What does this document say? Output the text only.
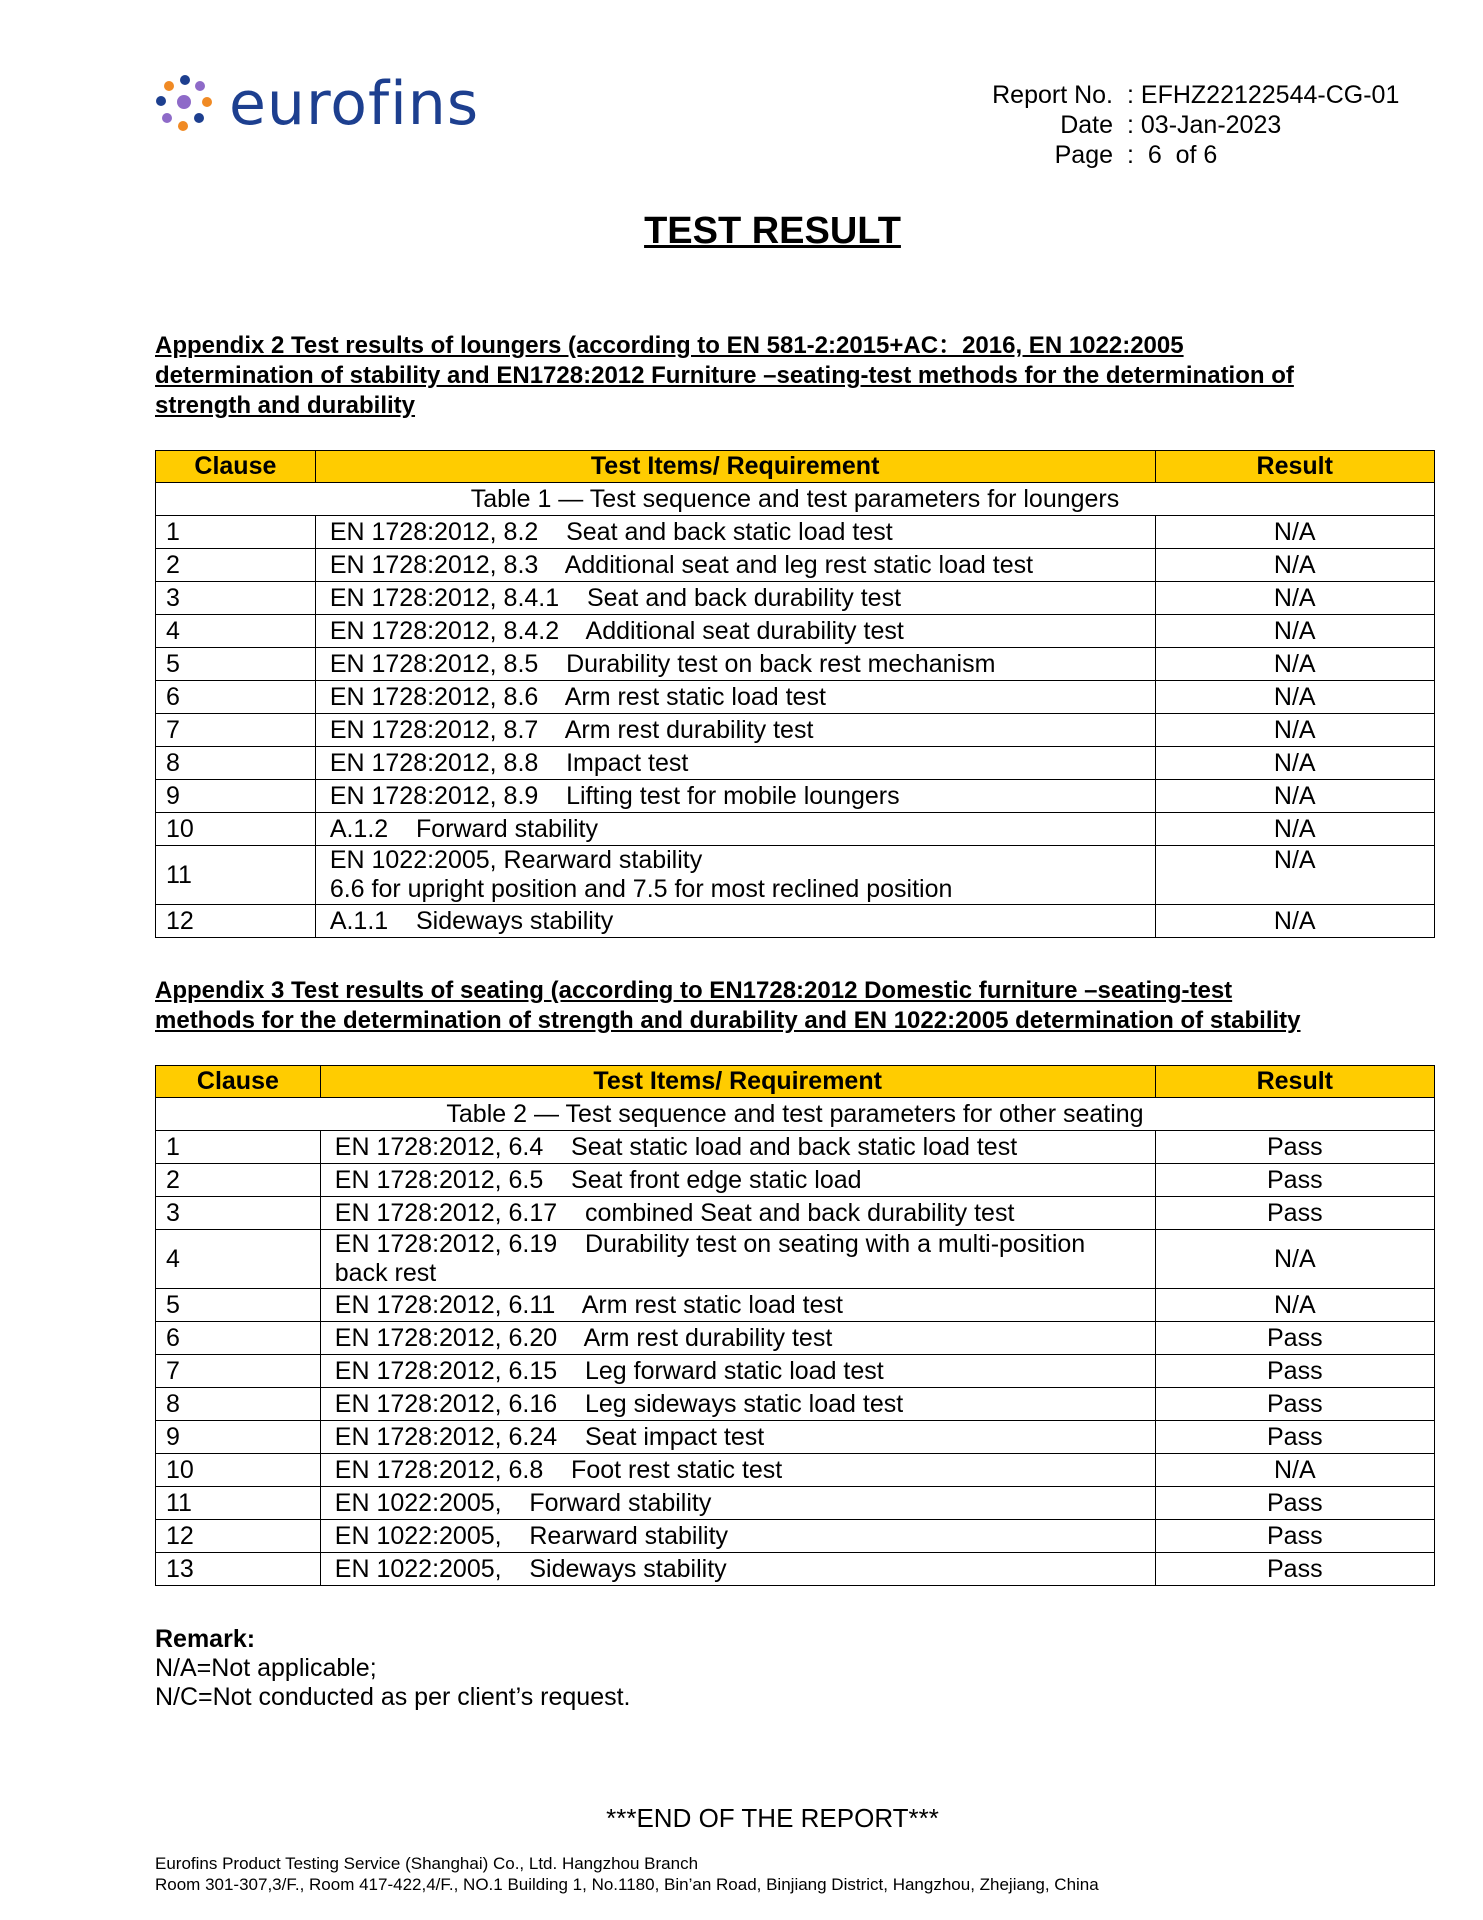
eurofins	Report No. : EFHZ22122544-CG-01
Date : 03-Jan-2023
Page :  6  of 6
TEST RESULT

Appendix 2 Test results of loungers (according to EN 581-2:2015+AC：2016, EN 1022:2005
determination of stability and EN1728:2012 Furniture –seating-test methods for the determination of
strength and durability

Clause	Test Items/ Requirement	Result
Table 1 — Test sequence and test parameters for loungers		
1	EN 1728:2012, 8.2    Seat and back static load test	N/A
2	EN 1728:2012, 8.3    Additional seat and leg rest static load test	N/A
3	EN 1728:2012, 8.4.1    Seat and back durability test	N/A
4	EN 1728:2012, 8.4.2    Additional seat durability test	N/A
5	EN 1728:2012, 8.5    Durability test on back rest mechanism	N/A
6	EN 1728:2012, 8.6    Arm rest static load test	N/A
7	EN 1728:2012, 8.7    Arm rest durability test	N/A
8	EN 1728:2012, 8.8    Impact test	N/A
9	EN 1728:2012, 8.9    Lifting test for mobile loungers	N/A
10	A.1.2    Forward stability	N/A
11	EN 1022:2005, Rearward stability
6.6 for upright position and 7.5 for most reclined position	N/A
12	A.1.1    Sideways stability	N/A

Appendix 3 Test results of seating (according to EN1728:2012 Domestic furniture –seating-test
methods for the determination of strength and durability and EN 1022:2005 determination of stability

Clause	Test Items/ Requirement	Result
Table 2 — Test sequence and test parameters for other seating		
1	EN 1728:2012, 6.4    Seat static load and back static load test	Pass
2	EN 1728:2012, 6.5    Seat front edge static load	Pass
3	EN 1728:2012, 6.17    combined Seat and back durability test	Pass
4	EN 1728:2012, 6.19    Durability test on seating with a multi-position
back rest	N/A
5	EN 1728:2012, 6.11    Arm rest static load test	N/A
6	EN 1728:2012, 6.20    Arm rest durability test	Pass
7	EN 1728:2012, 6.15    Leg forward static load test	Pass
8	EN 1728:2012, 6.16    Leg sideways static load test	Pass
9	EN 1728:2012, 6.24    Seat impact test	Pass
10	EN 1728:2012, 6.8    Foot rest static test	N/A
11	EN 1022:2005,    Forward stability	Pass
12	EN 1022:2005,    Rearward stability	Pass
13	EN 1022:2005,    Sideways stability	Pass
Remark:
N/A=Not applicable;
N/C=Not conducted as per client’s request.
***END OF THE REPORT***
Eurofins Product Testing Service (Shanghai) Co., Ltd. Hangzhou Branch
Room 301-307,3/F., Room 417-422,4/F., NO.1 Building 1, No.1180, Bin’an Road, Binjiang District, Hangzhou, Zhejiang, China
